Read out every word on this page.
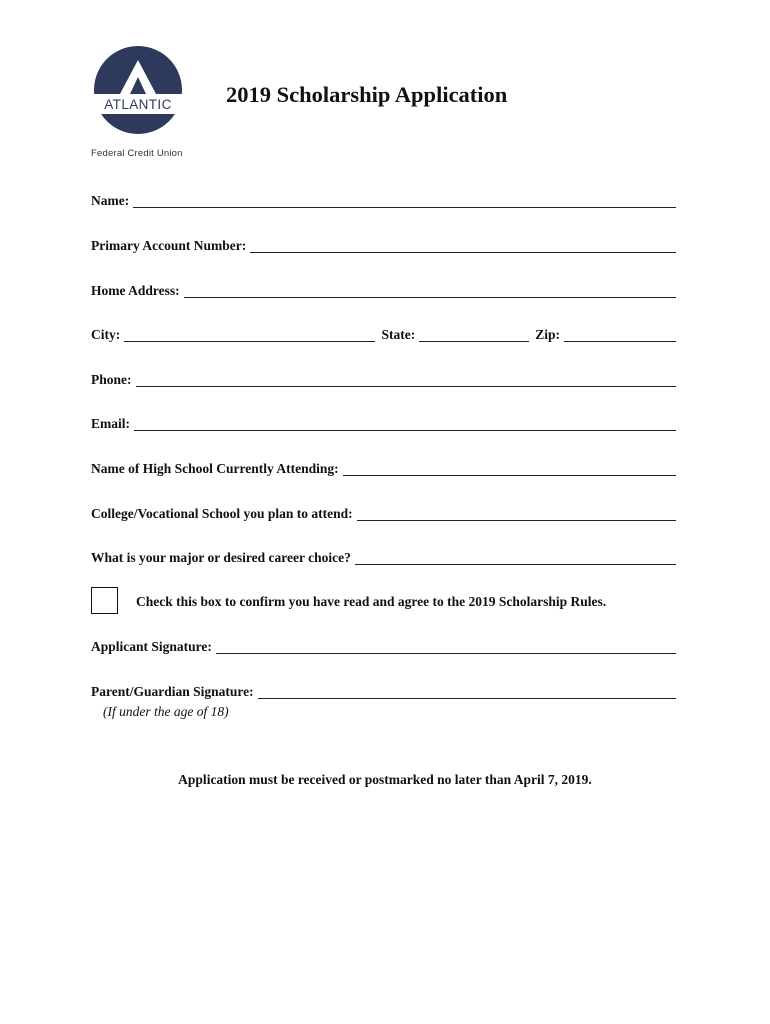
ATLANTIC
Federal Credit Union
2019 Scholarship Application
Name:
Primary Account Number:
Home Address:
City:	State:	Zip:
Phone:
Email:
Name of High School Currently Attending:
College/Vocational School you plan to attend:
What is your major or desired career choice?
Check this box to confirm you have read and agree to the 2019 Scholarship Rules.
Applicant Signature:
Parent/Guardian Signature:
(If under the age of 18)
Application must be received or postmarked no later than April 7, 2019.
